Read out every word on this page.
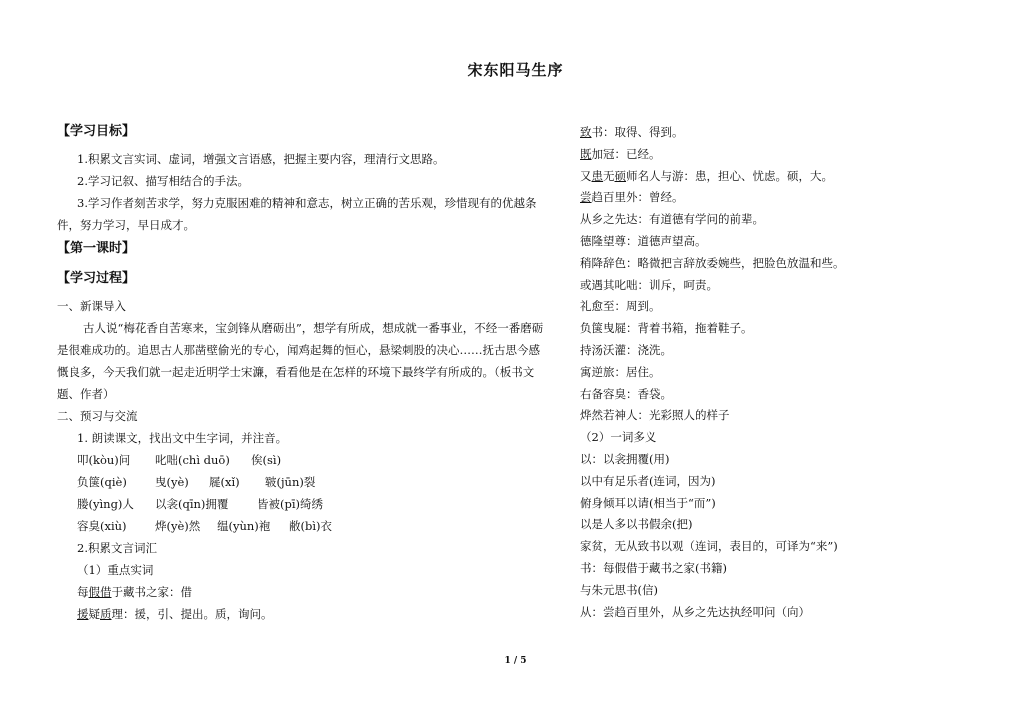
宋东阳马生序
【学习目标】
1.积累文言实词、虚词，增强文言语感，把握主要内容，理清行文思路。
2.学习记叙、描写相结合的手法。
3.学习作者刻苦求学，努力克服困难的精神和意志，树立正确的苦乐观，珍惜现有的优越条件，努力学习，早日成才。
【第一课时】
【学习过程】
一、新课导入
古人说“梅花香自苦寒来，宝剑锋从磨砺出”，想学有所成，想成就一番事业，不经一番磨砺是很难成功的。追思古人那凿壁偷光的专心，闻鸡起舞的恒心，悬梁刺股的决心……抚古思今感慨良多，今天我们就一起走近明学士宋濂，看看他是在怎样的环境下最终学有所成的。（板书文题、作者）
二、预习与交流
1. 朗读课文，找出文中生字词，并注音。
叩(kòu)问 叱咄(chì duō) 俟(sì)
负箧(qiè) 曳(yè) 屣(xǐ) 皲(jūn)裂
媵(yìng)人 以衾(qīn)拥覆 皆被(pī)绮绣
容臭(xiù) 烨(yè)然 缊(yùn)袍 敝(bì)衣
2.积累文言词汇
（1）重点实词
每假借于藏书之家：借
援疑质理：援，引、提出。质，询问。
致书：取得、得到。
既加冠：已经。
又患无硕师名人与游：患，担心、忧虑。硕，大。
尝趋百里外：曾经。
从乡之先达：有道德有学问的前辈。
德隆望尊：道德声望高。
稍降辞色：略微把言辞放委婉些，把脸色放温和些。
或遇其叱咄：训斥，呵责。
礼愈至：周到。
负箧曳屣：背着书箱，拖着鞋子。
持汤沃灌：浇洗。
寓逆旅：居住。
右备容臭：香袋。
烨然若神人：光彩照人的样子
（2）一词多义
以：以衾拥覆(用)
以中有足乐者(连词，因为)
俯身倾耳以请(相当于“而”)
以是人多以书假余(把)
家贫，无从致书以观（连词，表目的，可译为“来”)
书：每假借于藏书之家(书籍)
与朱元思书(信)
从：尝趋百里外，从乡之先达执经叩问（向）
1 / 5
